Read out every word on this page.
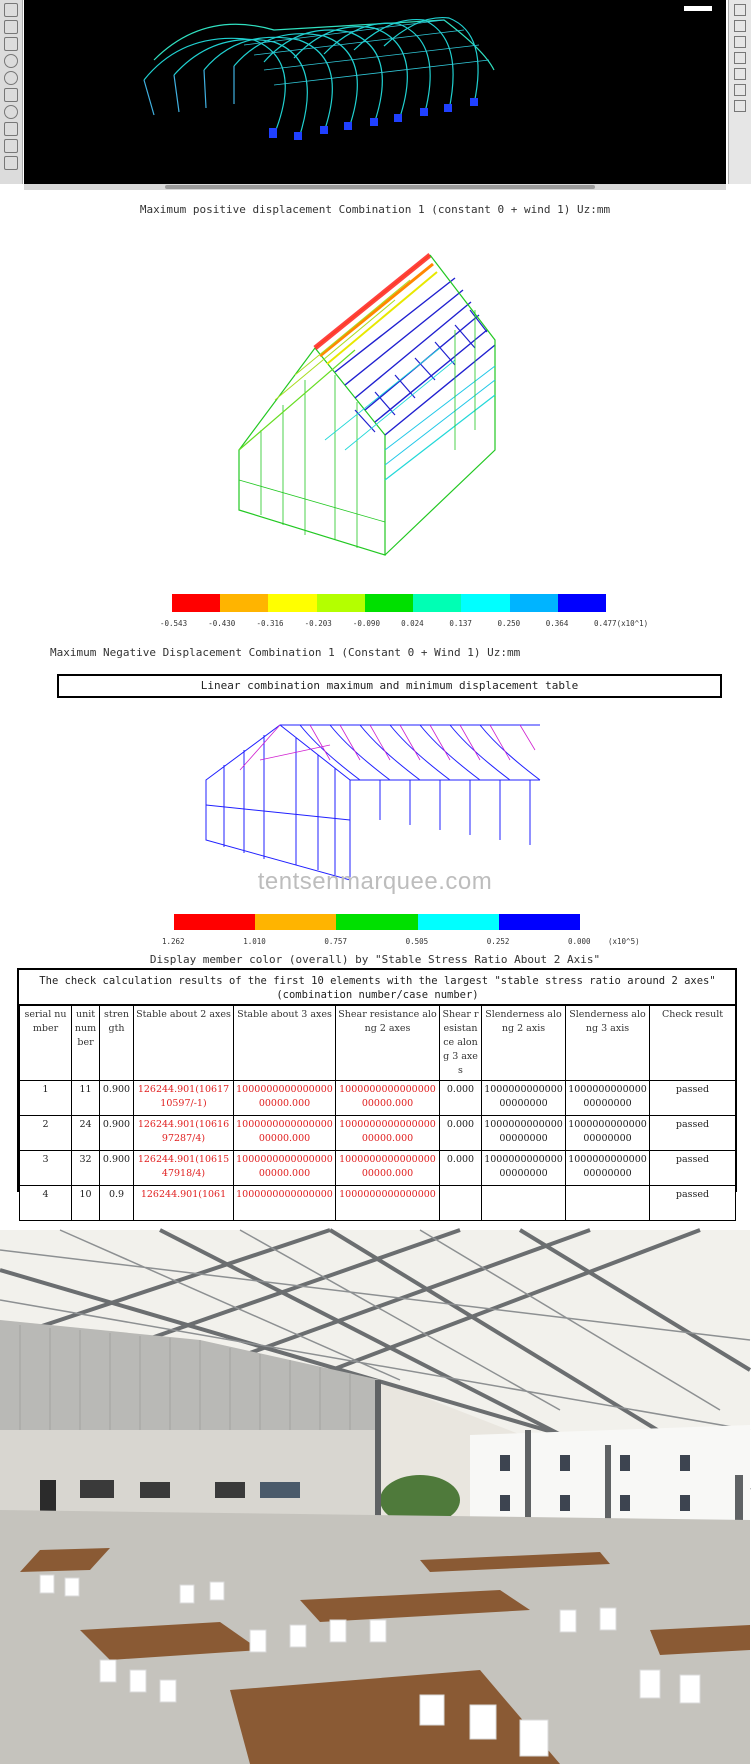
Maximum positive displacement Combination 1 (constant 0 + wind 1) Uz:mm
-0.543	-0.430	-0.316	-0.203	-0.090	0.024	0.137	0.250	0.364	0.477(x10^1)
Maximum Negative Displacement Combination 1 (Constant 0 + Wind 1) Uz:mm
Linear combination maximum and minimum displacement table
tentsenmarquee.com
1.262	1.010	0.757	0.505	0.252	0.000 (x10^5)
Display member color (overall) by "Stable Stress Ratio About 2 Axis"
The check calculation results of the first 10 elements with the largest "stable stress ratio around 2 axes" (combination number/case number)
serial number	unit number	strength	Stable about 2 axes	Stable about 3 axes	Shear resistance along 2 axes	Shear resistance along 3 axes	Slenderness along 2 axis	Slenderness along 3 axis	Check result
1	11	0.900	126244.901(1061710597/-1)	100000000000000000000.000	100000000000000000000.000	0.000	100000000000000000000	100000000000000000000	passed
2	24	0.900	126244.901(1061697287/4)	100000000000000000000.000	100000000000000000000.000	0.000	100000000000000000000	100000000000000000000	passed
3	32	0.900	126244.901(1061547918/4)	100000000000000000000.000	100000000000000000000.000	0.000	100000000000000000000	100000000000000000000	passed
4	10	0.9	126244.901(1061	1000000000000000	1000000000000000				passed
